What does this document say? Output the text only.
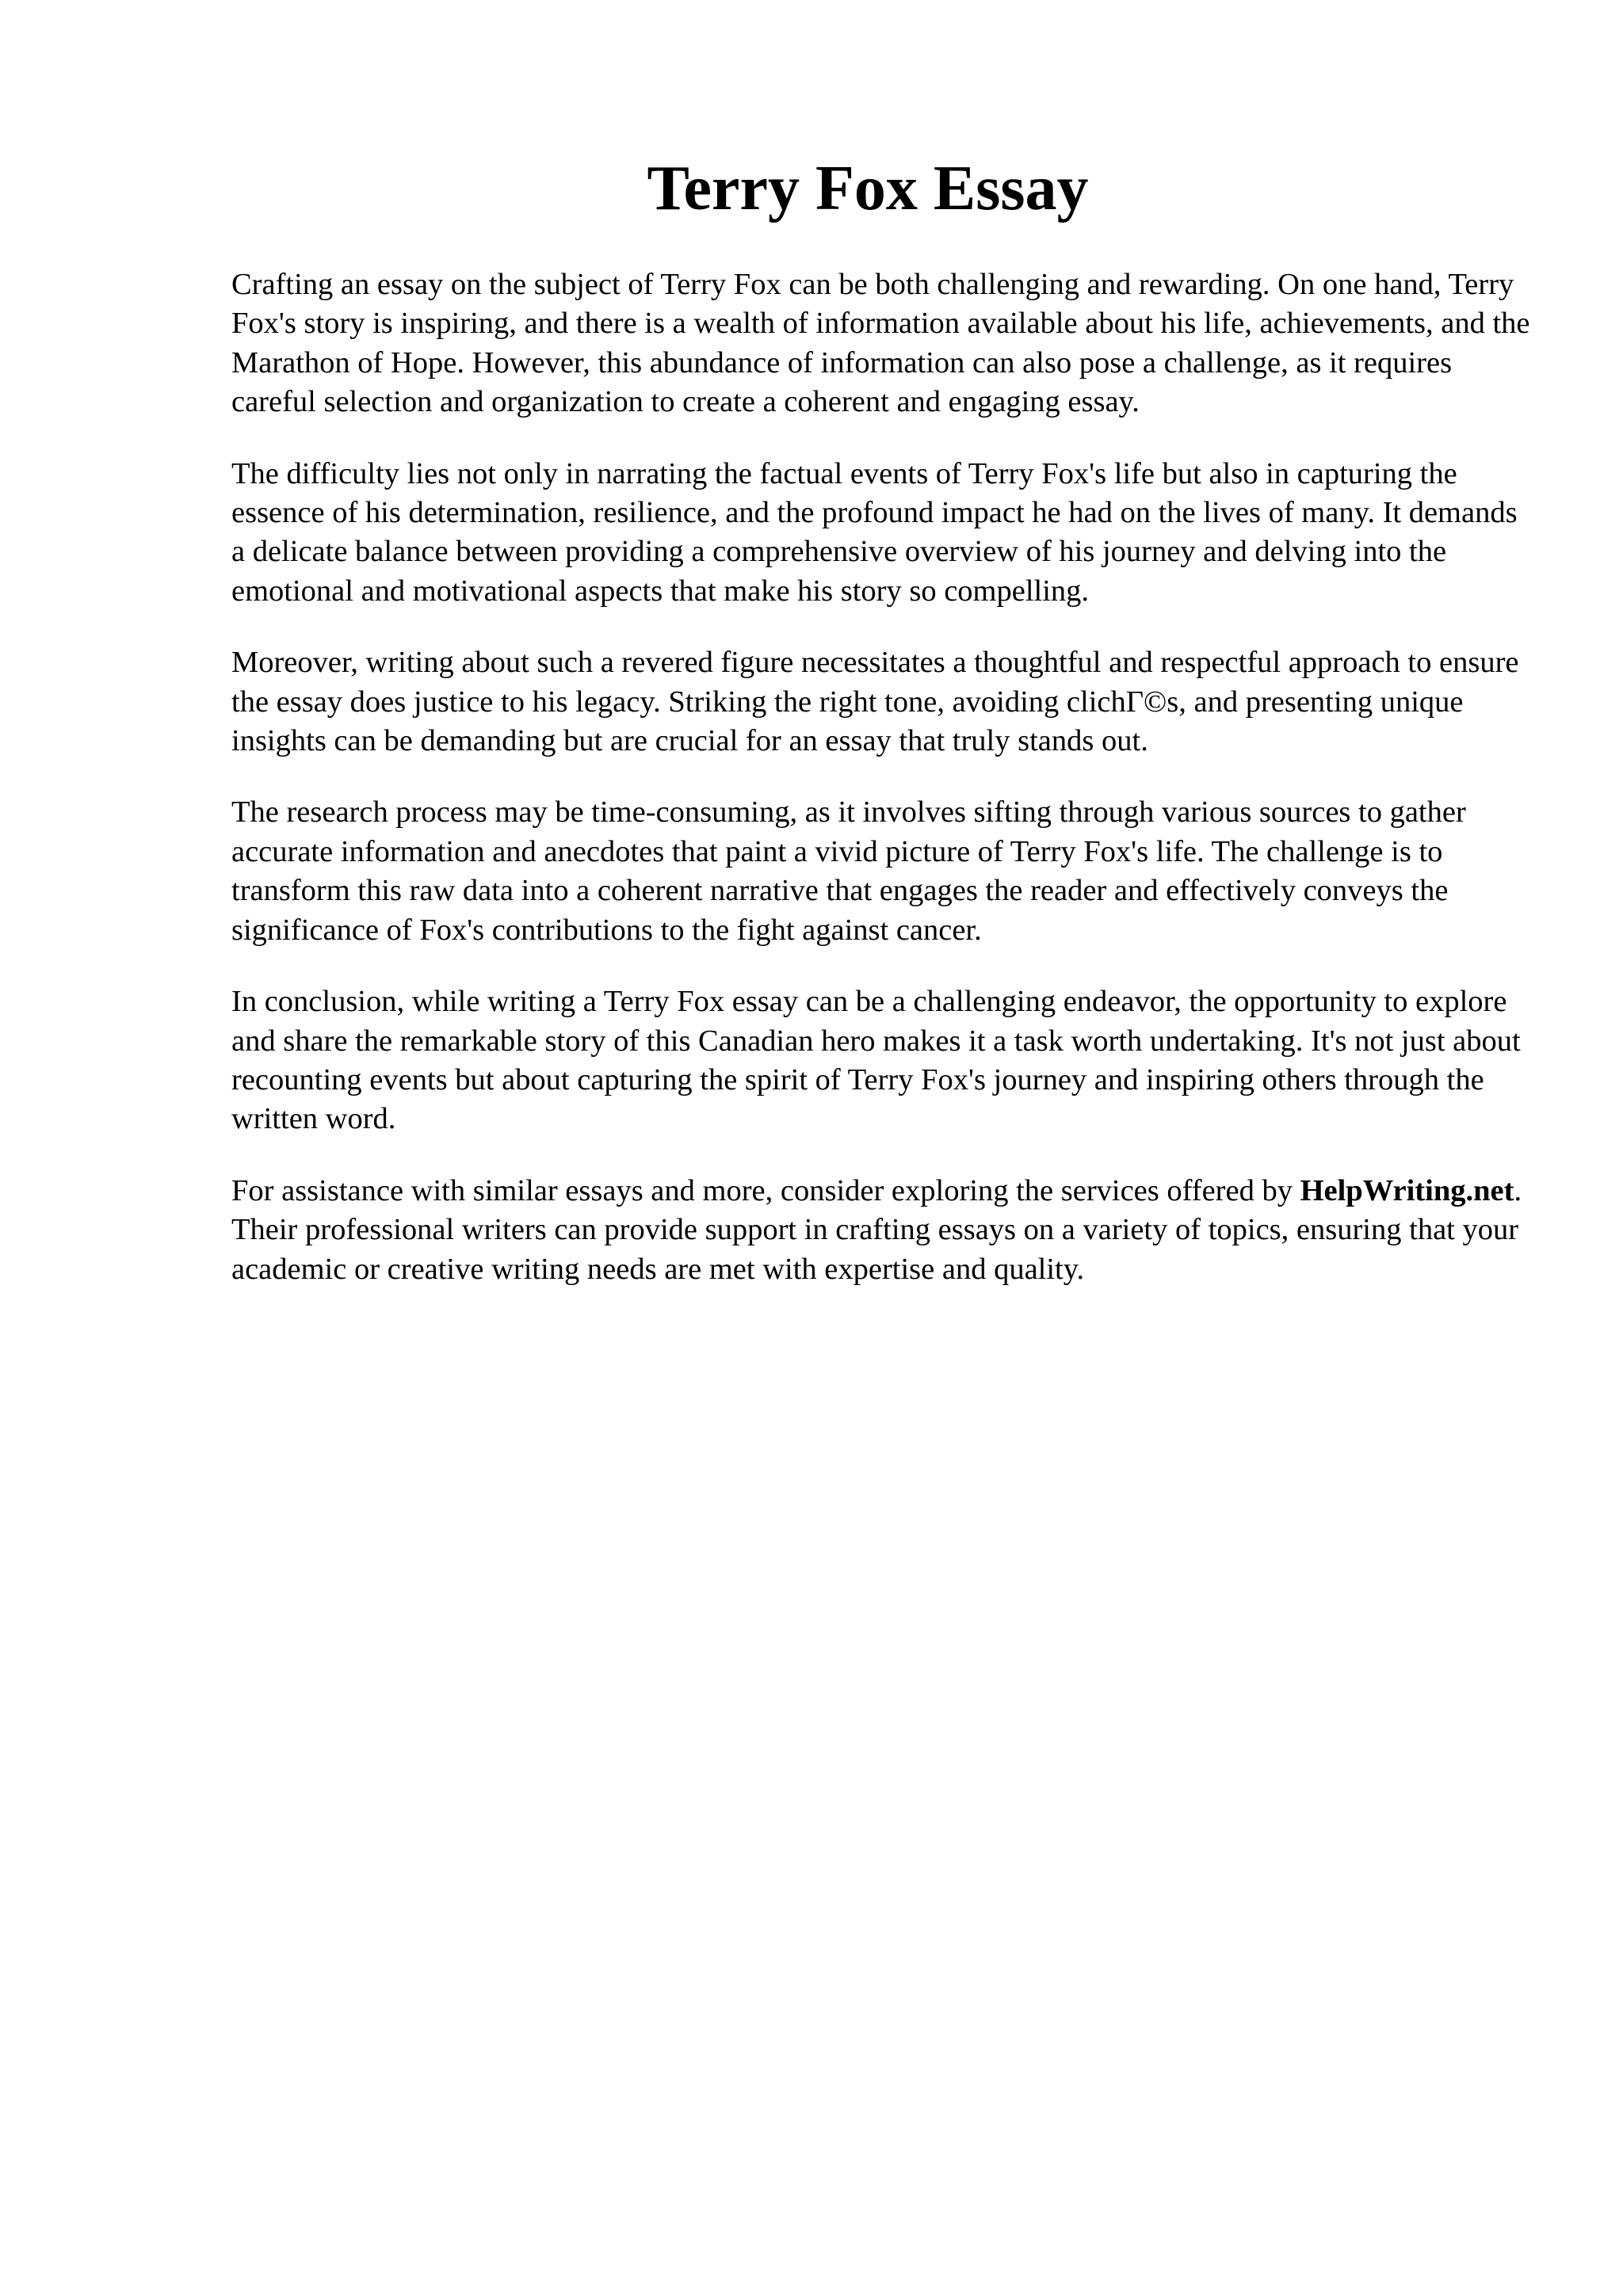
Terry Fox Essay

Crafting an essay on the subject of Terry Fox can be both challenging and rewarding. On one hand, Terry Fox's story is inspiring, and there is a wealth of information available about his life, achievements, and the Marathon of Hope. However, this abundance of information can also pose a challenge, as it requires careful selection and organization to create a coherent and engaging essay.

The difficulty lies not only in narrating the factual events of Terry Fox's life but also in capturing the essence of his determination, resilience, and the profound impact he had on the lives of many. It demands a delicate balance between providing a comprehensive overview of his journey and delving into the emotional and motivational aspects that make his story so compelling.

Moreover, writing about such a revered figure necessitates a thoughtful and respectful approach to ensure the essay does justice to his legacy. Striking the right tone, avoiding clichΓ©s, and presenting unique insights can be demanding but are crucial for an essay that truly stands out.

The research process may be time-consuming, as it involves sifting through various sources to gather accurate information and anecdotes that paint a vivid picture of Terry Fox's life. The challenge is to transform this raw data into a coherent narrative that engages the reader and effectively conveys the significance of Fox's contributions to the fight against cancer.

In conclusion, while writing a Terry Fox essay can be a challenging endeavor, the opportunity to explore and share the remarkable story of this Canadian hero makes it a task worth undertaking. It's not just about recounting events but about capturing the spirit of Terry Fox's journey and inspiring others through the written word.

For assistance with similar essays and more, consider exploring the services offered by HelpWriting.net. Their professional writers can provide support in crafting essays on a variety of topics, ensuring that your academic or creative writing needs are met with expertise and quality.
